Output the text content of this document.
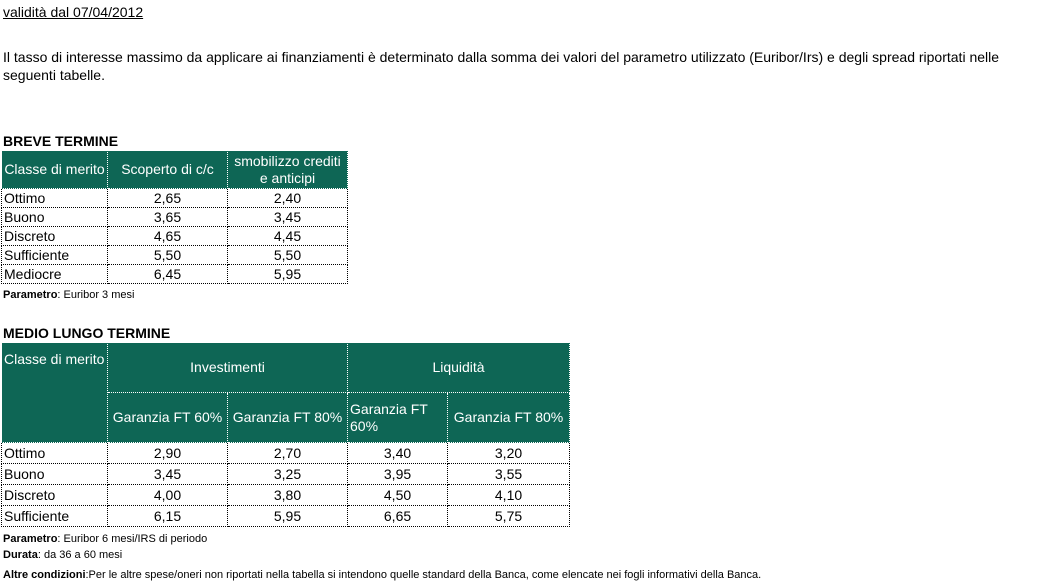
validità dal 07/04/2012
Il tasso di interesse massimo da applicare ai finanziamenti è determinato dalla somma dei valori del parametro utilizzato (Euribor/Irs) e degli spread riportati nelle seguenti tabelle.
BREVE TERMINE
Classe di merito	Scoperto di c/c	smobilizzo crediti e anticipi
Ottimo	2,65	2,40
Buono	3,65	3,45
Discreto	4,65	4,45
Sufficiente	5,50	5,50
Mediocre	6,45	5,95
Parametro: Euribor 3 mesi
MEDIO LUNGO TERMINE
Classe di merito	Investimenti		Liquidità	
	Garanzia FT 60%	Garanzia FT 80%	Garanzia FT 60%	Garanzia FT 80%
Ottimo	2,90	2,70	3,40	3,20
Buono	3,45	3,25	3,95	3,55
Discreto	4,00	3,80	4,50	4,10
Sufficiente	6,15	5,95	6,65	5,75
Parametro: Euribor 6 mesi/IRS di periodo
Durata: da 36 a 60 mesi
Altre condizioni:Per le altre spese/oneri non riportati nella tabella si intendono quelle standard della Banca, come elencate nei fogli informativi della Banca.
